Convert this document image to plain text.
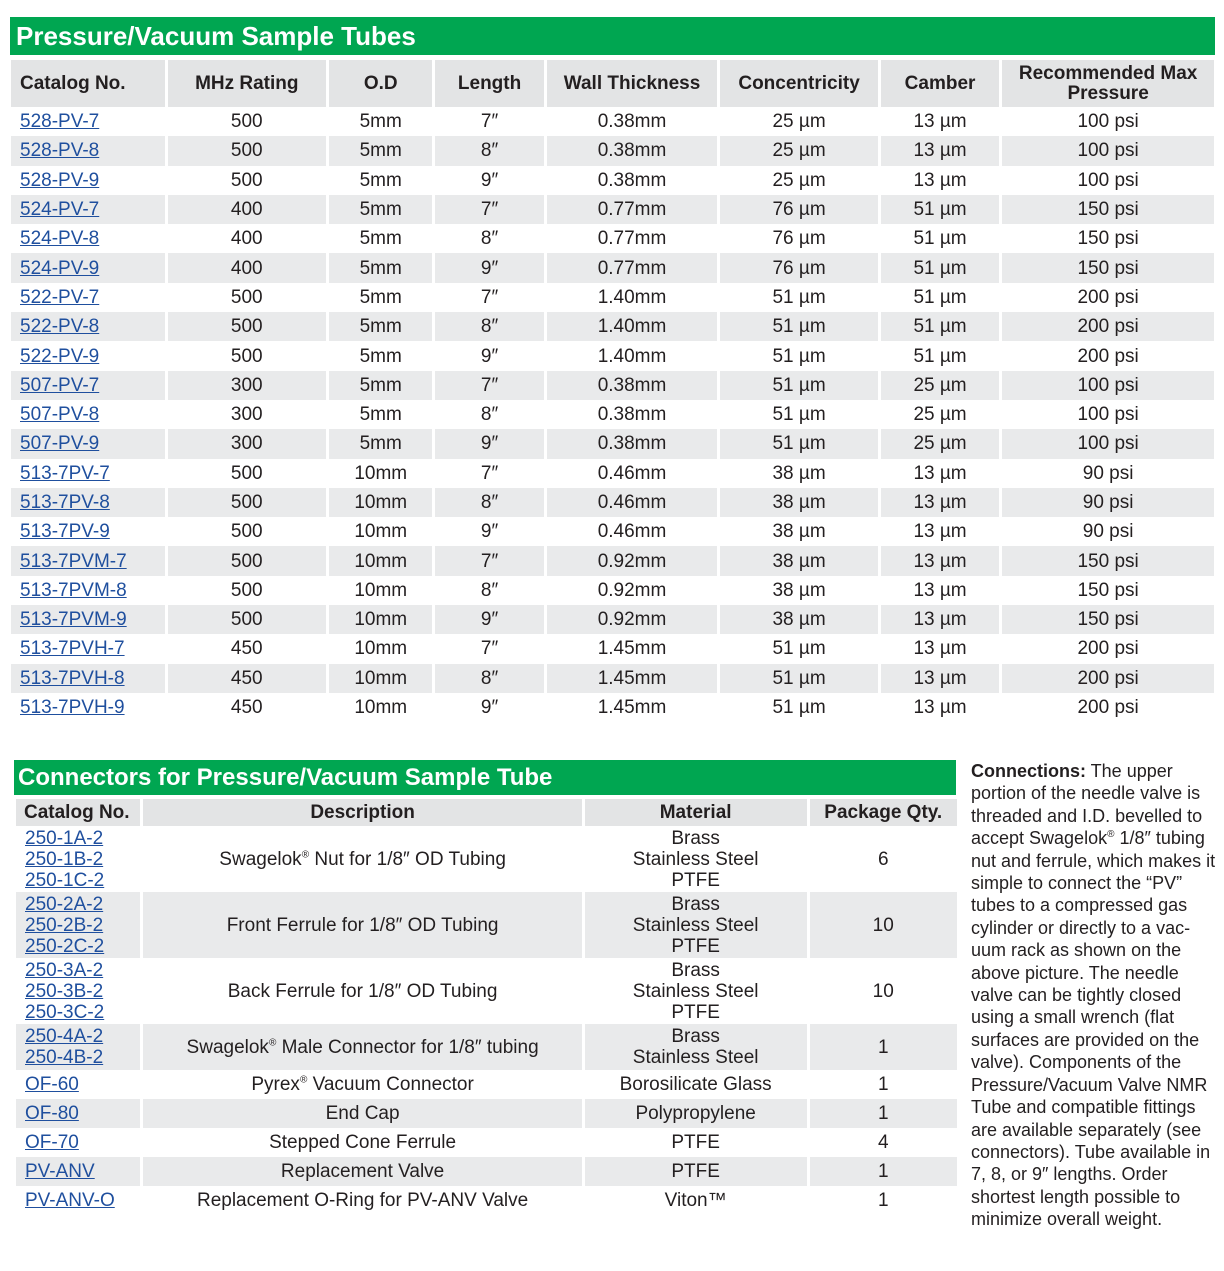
Pressure/Vacuum Sample Tubes
Catalog No.	MHz Rating	O.D	Length	Wall Thickness	Concentricity	Camber	Recommended Max Pressure

528-PV-7	500	5mm	7″	0.38mm	25 µm	13 µm	100 psi

528-PV-8	500	5mm	8″	0.38mm	25 µm	13 µm	100 psi

528-PV-9	500	5mm	9″	0.38mm	25 µm	13 µm	100 psi

524-PV-7	400	5mm	7″	0.77mm	76 µm	51 µm	150 psi

524-PV-8	400	5mm	8″	0.77mm	76 µm	51 µm	150 psi

524-PV-9	400	5mm	9″	0.77mm	76 µm	51 µm	150 psi

522-PV-7	500	5mm	7″	1.40mm	51 µm	51 µm	200 psi

522-PV-8	500	5mm	8″	1.40mm	51 µm	51 µm	200 psi

522-PV-9	500	5mm	9″	1.40mm	51 µm	51 µm	200 psi

507-PV-7	300	5mm	7″	0.38mm	51 µm	25 µm	100 psi

507-PV-8	300	5mm	8″	0.38mm	51 µm	25 µm	100 psi

507-PV-9	300	5mm	9″	0.38mm	51 µm	25 µm	100 psi

513-7PV-7	500	10mm	7″	0.46mm	38 µm	13 µm	90 psi

513-7PV-8	500	10mm	8″	0.46mm	38 µm	13 µm	90 psi

513-7PV-9	500	10mm	9″	0.46mm	38 µm	13 µm	90 psi

513-7PVM-7	500	10mm	7″	0.92mm	38 µm	13 µm	150 psi

513-7PVM-8	500	10mm	8″	0.92mm	38 µm	13 µm	150 psi

513-7PVM-9	500	10mm	9″	0.92mm	38 µm	13 µm	150 psi

513-7PVH-7	450	10mm	7″	1.45mm	51 µm	13 µm	200 psi

513-7PVH-8	450	10mm	8″	1.45mm	51 µm	13 µm	200 psi

513-7PVH-9	450	10mm	9″	1.45mm	51 µm	13 µm	200 psi
Connectors for Pressure/Vacuum Sample Tube
Catalog No.	Description	Material	Package Qty.

250-1A-2
250-1B-2
250-1C-2	Swagelok® Nut for 1/8″ OD Tubing	Brass
Stainless Steel
PTFE	6

250-2A-2
250-2B-2
250-2C-2	Front Ferrule for 1/8″ OD Tubing	Brass
Stainless Steel
PTFE	10

250-3A-2
250-3B-2
250-3C-2	Back Ferrule for 1/8″ OD Tubing	Brass
Stainless Steel
PTFE	10

250-4A-2
250-4B-2	Swagelok® Male Connector for 1/8″ tubing	Brass
Stainless Steel	1

OF-60	Pyrex® Vacuum Connector	Borosilicate Glass	1

OF-80	End Cap	Polypropylene	1

OF-70	Stepped Cone Ferrule	PTFE	4

PV-ANV	Replacement Valve	PTFE	1

PV-ANV-O	Replacement O-Ring for PV-ANV Valve	Viton™	1
Connections: The upper portion of the needle valve is threaded and I.D. bevelled to accept Swagelok® 1/8″ tubing nut and ferrule, which makes it simple to connect the “PV” tubes to a compressed gas cylinder or directly to a vac-uum rack as shown on the above picture. The needle valve can be tightly closed using a small wrench (flat surfaces are provided on the valve). Components of the Pressure/Vacuum Valve NMR Tube and compatible fittings are available separately (see connectors). Tube available in 7, 8, or 9″ lengths. Order shortest length possible to minimize overall weight.
